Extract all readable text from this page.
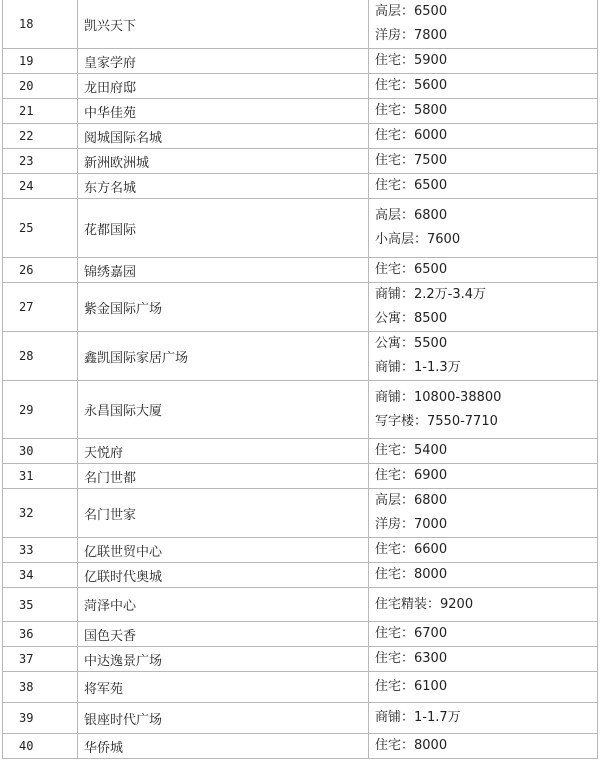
18	凯兴天下	高层：6500
洋房：7800

19	皇家学府	住宅：5900

20	龙田府邸	住宅：5600

21	中华佳苑	住宅：5800

22	阅城国际名城	住宅：6000

23	新洲欧洲城	住宅：7500

24	东方名城	住宅：6500

25	花都国际	高层：6800
小高层：7600

26	锦绣嘉园	住宅：6500

27	紫金国际广场	商铺：2.2万-3.4万
公寓：8500

28	鑫凯国际家居广场	公寓：5500
商铺：1-1.3万

29	永昌国际大厦	商铺：10800-38800
写字楼：7550-7710

30	天悦府	住宅：5400

31	名门世都	住宅：6900

32	名门世家	高层：6800
洋房：7000

33	亿联世贸中心	住宅：6600

34	亿联时代奥城	住宅：8000

35	菏泽中心	住宅精装：9200

36	国色天香	住宅：6700

37	中达逸景广场	住宅：6300

38	将军苑	住宅：6100

39	银座时代广场	商铺：1-1.7万

40	华侨城	住宅：8000
